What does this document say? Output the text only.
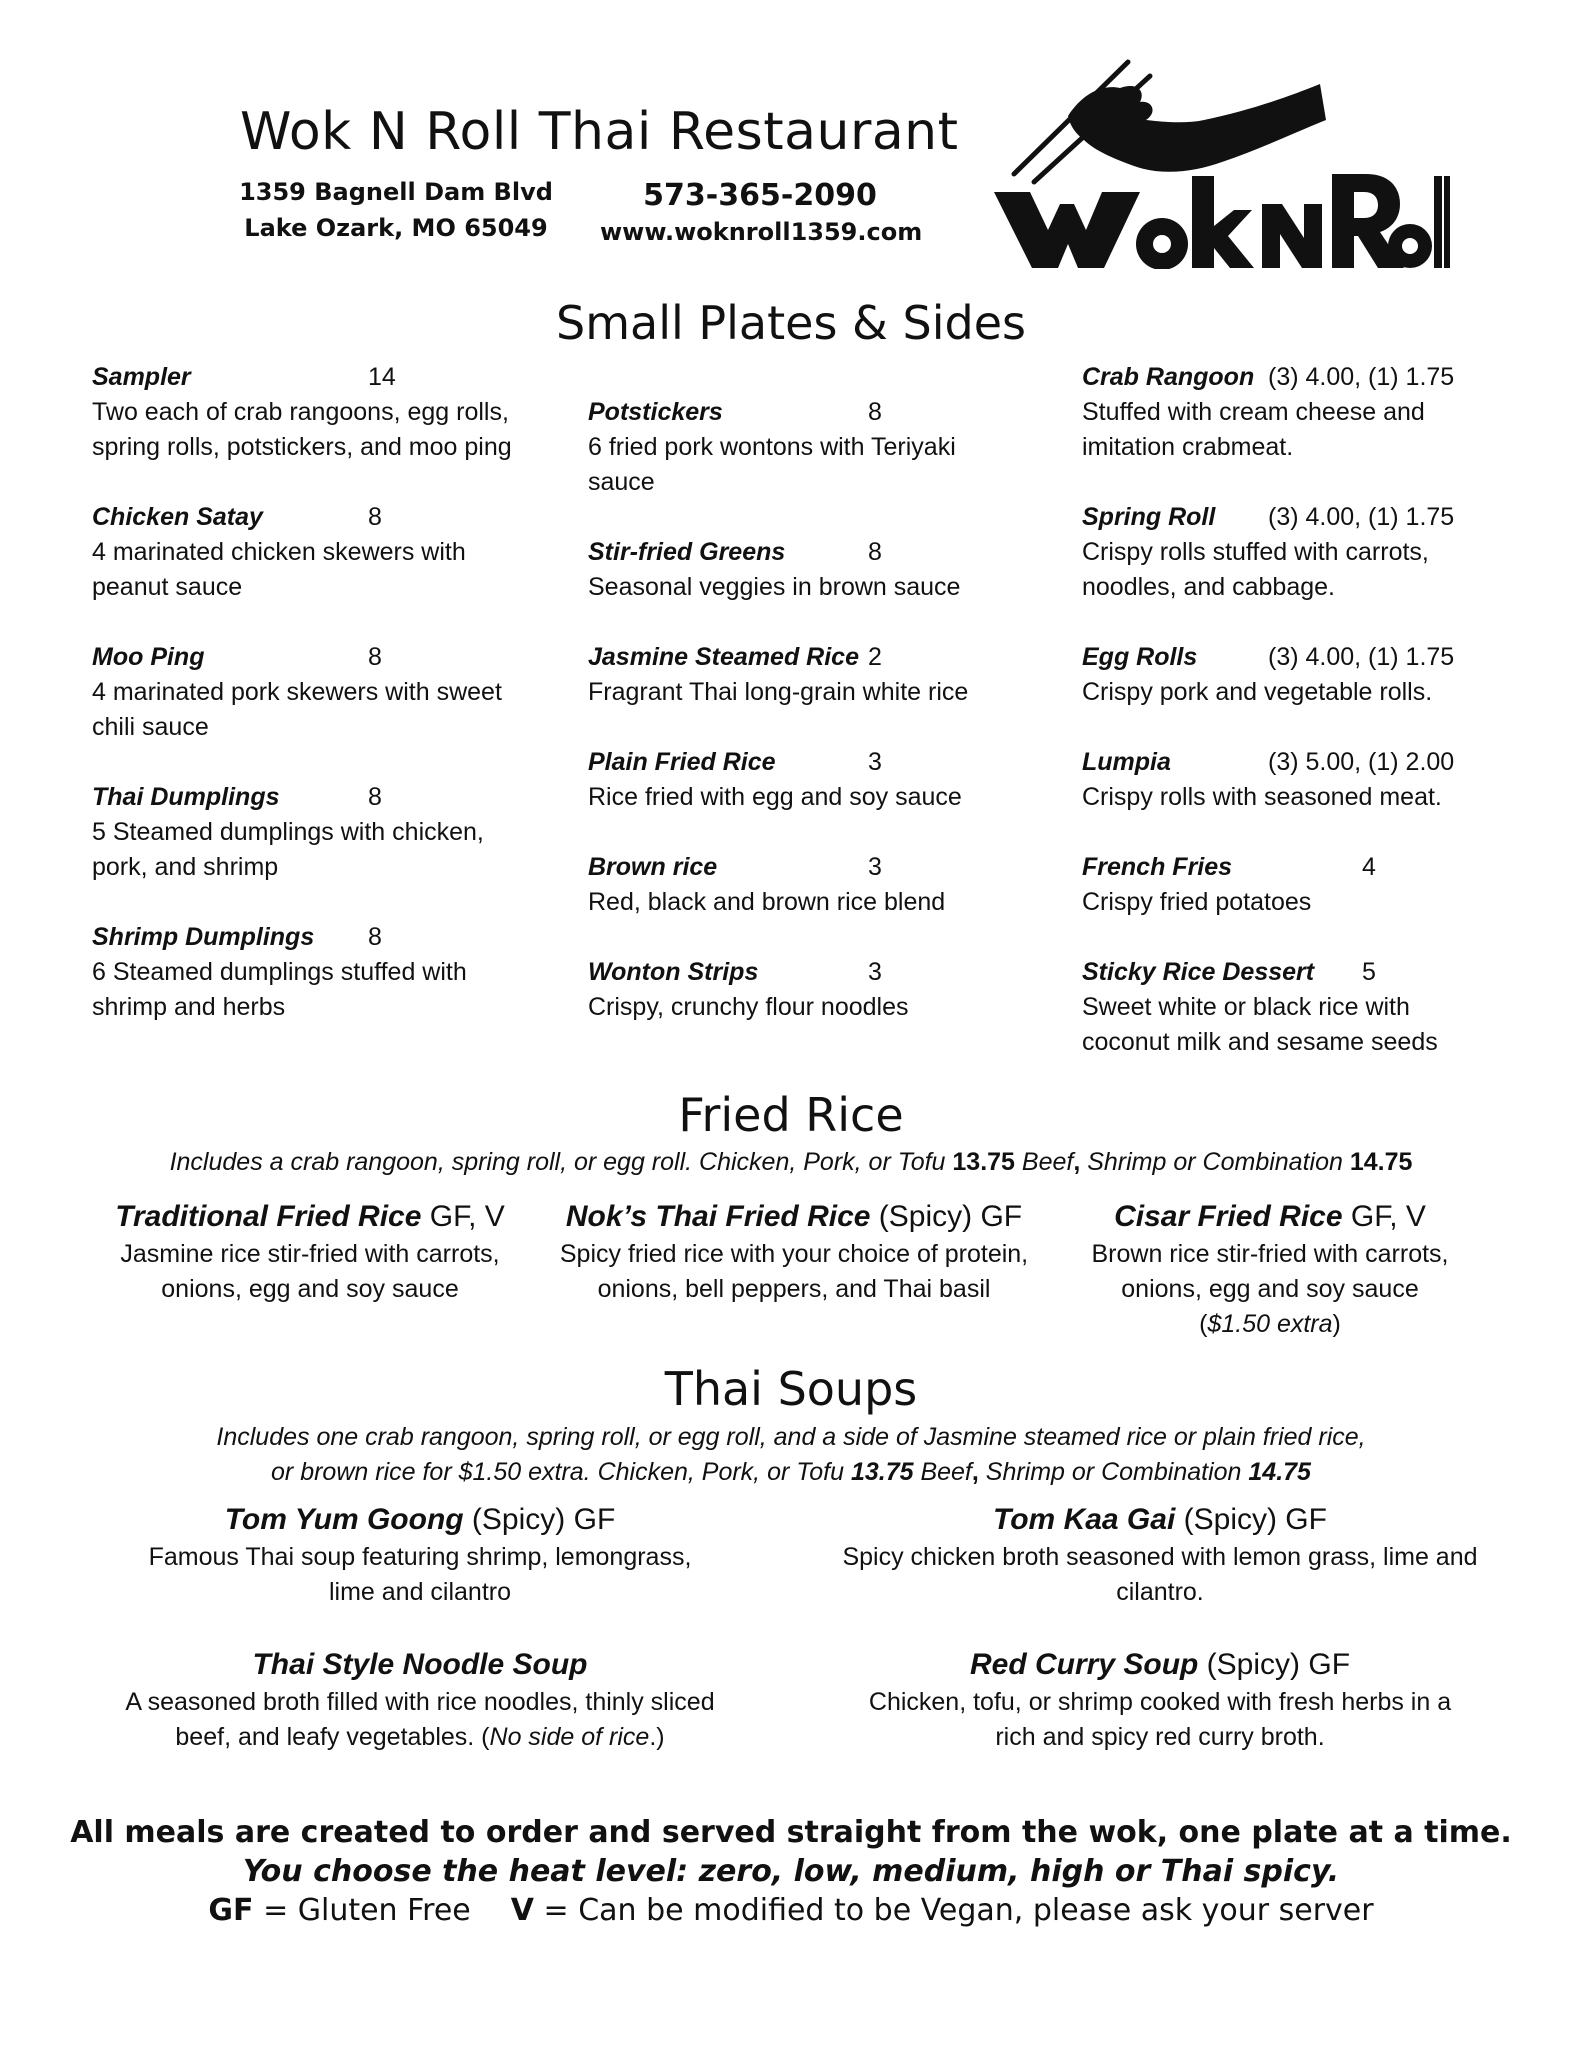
Wok N Roll Thai Restaurant
1359 Bagnell Dam Blvd
Lake Ozark, MO 65049
573-365-2090
www.woknroll1359.com
Small Plates & Sides
Sampler	14
Two each of crab rangoons, egg rolls, spring rolls, potstickers, and moo ping
Chicken Satay	8
4 marinated chicken skewers with peanut sauce
Moo Ping	8
4 marinated pork skewers with sweet chili sauce
Thai Dumplings	8
5 Steamed dumplings with chicken, pork, and shrimp
Shrimp Dumplings	8
6 Steamed dumplings stuffed with shrimp and herbs
Potstickers	8
6 fried pork wontons with Teriyaki sauce
Stir-fried Greens	8
Seasonal veggies in brown sauce
Jasmine Steamed Rice 2
Fragrant Thai long-grain white rice
Plain Fried Rice	3
Rice fried with egg and soy sauce
Brown rice	3
Red, black and brown rice blend
Wonton Strips	3
Crispy, crunchy flour noodles
Crab Rangoon (3) 4.00, (1) 1.75
Stuffed with cream cheese and imitation crabmeat.
Spring Roll	(3) 4.00, (1) 1.75
Crispy rolls stuffed with carrots, noodles, and cabbage.
Egg Rolls	(3) 4.00, (1) 1.75
Crispy pork and vegetable rolls.
Lumpia	(3) 5.00, (1) 2.00
Crispy rolls with seasoned meat.
French Fries	4
Crispy fried potatoes
Sticky Rice Dessert	5
Sweet white or black rice with coconut milk and sesame seeds
Fried Rice
Includes a crab rangoon, spring roll, or egg roll. Chicken, Pork, or Tofu 13.75 Beef, Shrimp or Combination 14.75
Traditional Fried Rice GF, V
Jasmine rice stir-fried with carrots, onions, egg and soy sauce
Nok’s Thai Fried Rice (Spicy) GF
Spicy fried rice with your choice of protein, onions, bell peppers, and Thai basil
Cisar Fried Rice GF, V
Brown rice stir-fried with carrots, onions, egg and soy sauce
($1.50 extra)
Thai Soups
Includes one crab rangoon, spring roll, or egg roll, and a side of Jasmine steamed rice or plain fried rice,
or brown rice for $1.50 extra. Chicken, Pork, or Tofu 13.75 Beef, Shrimp or Combination 14.75
Tom Yum Goong (Spicy) GF
Famous Thai soup featuring shrimp, lemongrass, lime and cilantro
Tom Kaa Gai (Spicy) GF
Spicy chicken broth seasoned with lemon grass, lime and cilantro.
Thai Style Noodle Soup
A seasoned broth filled with rice noodles, thinly sliced beef, and leafy vegetables. (No side of rice.)
Red Curry Soup (Spicy) GF
Chicken, tofu, or shrimp cooked with fresh herbs in a rich and spicy red curry broth.
All meals are created to order and served straight from the wok, one plate at a time.
You choose the heat level: zero, low, medium, high or Thai spicy.
GF = Gluten Free V = Can be modified to be Vegan, please ask your server
